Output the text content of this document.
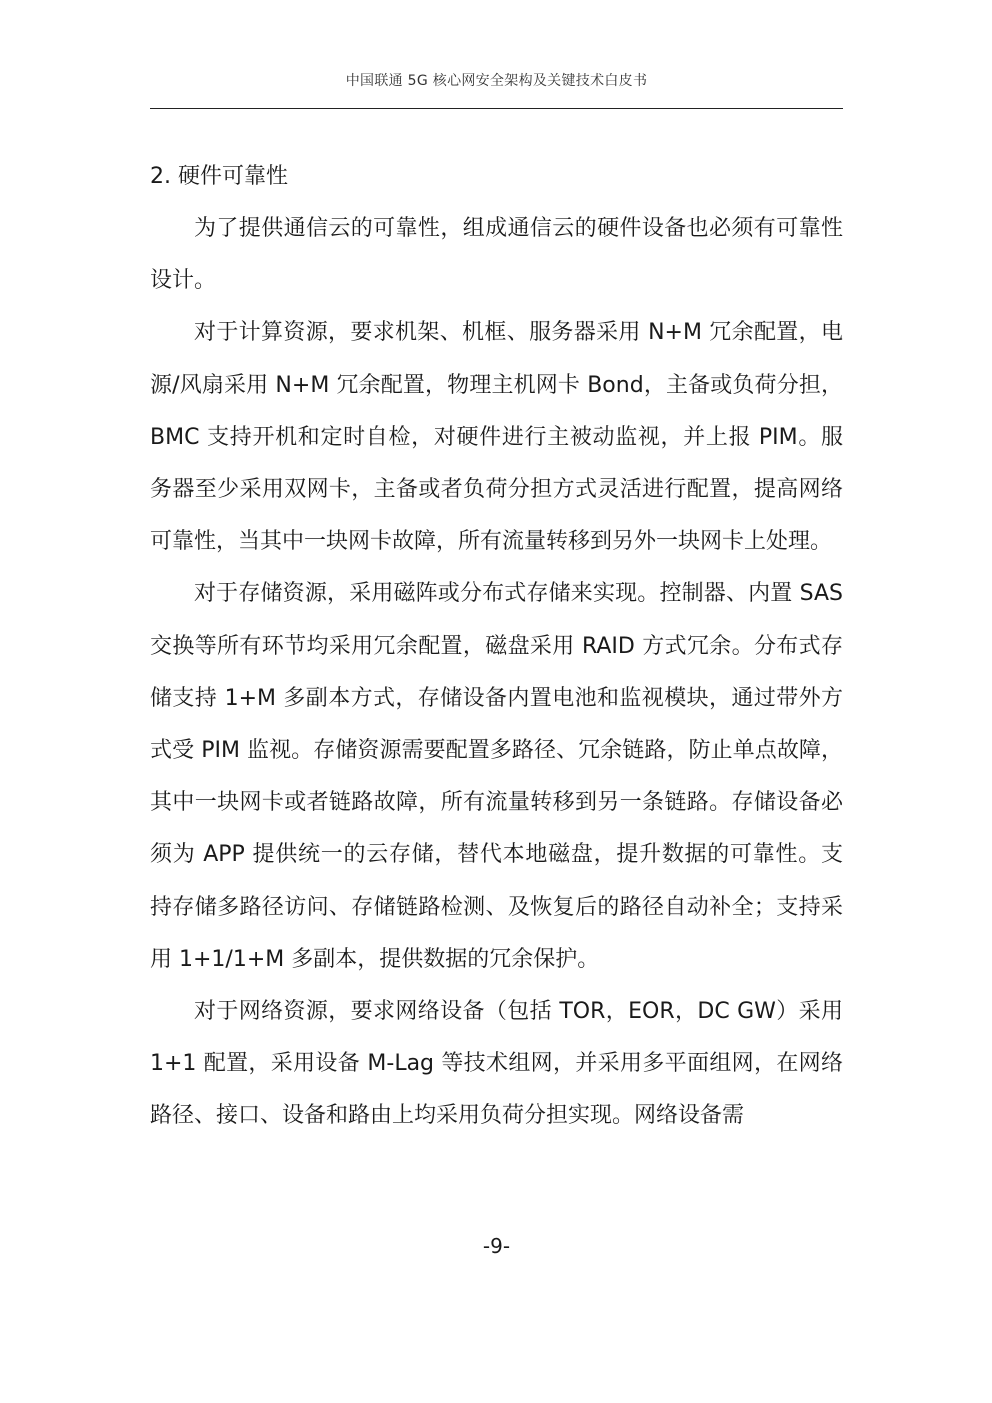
中国联通 5G 核心网安全架构及关键技术白皮书
2. 硬件可靠性

为了提供通信云的可靠性，组成通信云的硬件设备也必须有可靠性设计。

对于计算资源，要求机架、机框、服务器采用 N+M 冗余配置，电源/风扇采用 N+M 冗余配置，物理主机网卡 Bond，主备或负荷分担，BMC 支持开机和定时自检，对硬件进行主被动监视，并上报 PIM。服务器至少采用双网卡，主备或者负荷分担方式灵活进行配置，提高网络可靠性，当其中一块网卡故障，所有流量转移到另外一块网卡上处理。

对于存储资源，采用磁阵或分布式存储来实现。控制器、内置 SAS 交换等所有环节均采用冗余配置，磁盘采用 RAID 方式冗余。分布式存储支持 1+M 多副本方式，存储设备内置电池和监视模块，通过带外方式受 PIM 监视。存储资源需要配置多路径、冗余链路，防止单点故障，其中一块网卡或者链路故障，所有流量转移到另一条链路。存储设备必须为 APP 提供统一的云存储，替代本地磁盘，提升数据的可靠性。支持存储多路径访问、存储链路检测、及恢复后的路径自动补全；支持采用 1+1/1+M 多副本，提供数据的冗余保护。

对于网络资源，要求网络设备（包括 TOR，EOR，DC GW）采用 1+1 配置，采用设备 M-Lag 等技术组网，并采用多平面组网，在网络路径、接口、设备和路由上均采用负荷分担实现。网络设备需

-9-
